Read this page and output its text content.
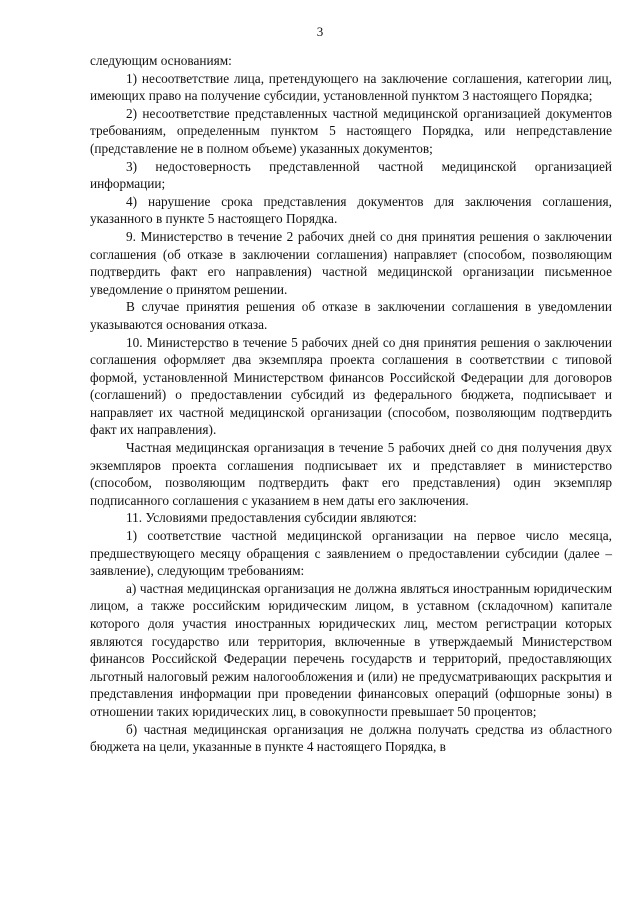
3

следующим основаниям:

1) несоответствие лица, претендующего на заключение соглашения, категории лиц, имеющих право на получение субсидии, установленной пунктом 3 настоящего Порядка;

2) несоответствие представленных частной медицинской организацией документов требованиям, определенным пунктом 5 настоящего Порядка, или непредставление (представление не в полном объеме) указанных документов;

3) недостоверность представленной частной медицинской организацией информации;

4) нарушение срока представления документов для заключения соглашения, указанного в пункте 5 настоящего Порядка.

9. Министерство в течение 2 рабочих дней со дня принятия решения о заключении соглашения (об отказе в заключении соглашения) направляет (способом, позволяющим подтвердить факт его направления) частной медицинской организации письменное уведомление о принятом решении.

В случае принятия решения об отказе в заключении соглашения в уведомлении указываются основания отказа.

10. Министерство в течение 5 рабочих дней со дня принятия решения о заключении соглашения оформляет два экземпляра проекта соглашения в соответствии с типовой формой, установленной Министерством финансов Российской Федерации для договоров (соглашений) о предоставлении субсидий из федерального бюджета, подписывает и направляет их частной медицинской организации (способом, позволяющим подтвердить факт их направления).

Частная медицинская организация в течение 5 рабочих дней со дня получения двух экземпляров проекта соглашения подписывает их и представляет в министерство (способом, позволяющим подтвердить факт его представления) один экземпляр подписанного соглашения с указанием в нем даты его заключения.

11. Условиями предоставления субсидии являются:

1) соответствие частной медицинской организации на первое число месяца, предшествующего месяцу обращения с заявлением о предоставлении субсидии (далее – заявление), следующим требованиям:

а) частная медицинская организация не должна являться иностранным юридическим лицом, а также российским юридическим лицом, в уставном (складочном) капитале которого доля участия иностранных юридических лиц, местом регистрации которых являются государство или территория, включенные в утверждаемый Министерством финансов Российской Федерации перечень государств и территорий, предоставляющих льготный налоговый режим налогообложения и (или) не предусматривающих раскрытия и представления информации при проведении финансовых операций (офшорные зоны) в отношении таких юридических лиц, в совокупности превышает 50 процентов;

б) частная медицинская организация не должна получать средства из областного бюджета на цели, указанные в пункте 4 настоящего Порядка, в
